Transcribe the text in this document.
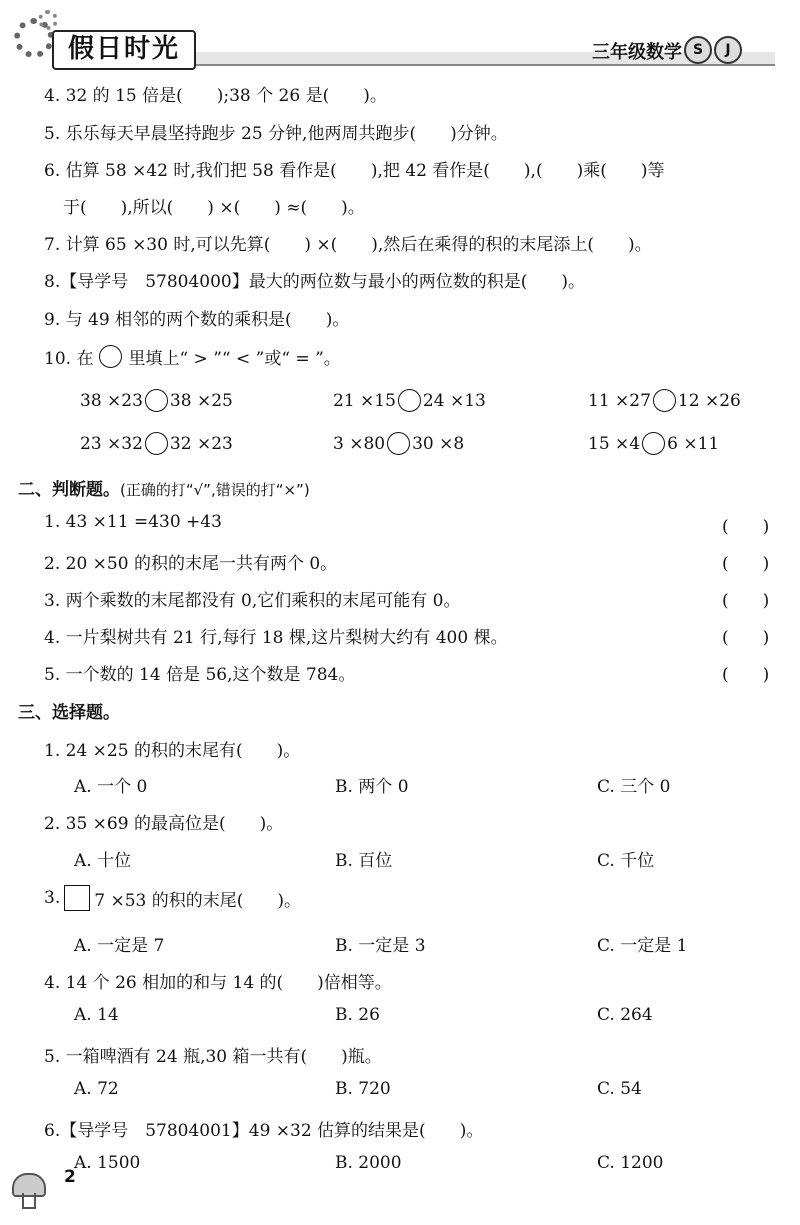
假日时光	三年级数学 S	J
4. 32 的 15 倍是(　　);38 个 26 是(　　)。
5. 乐乐每天早晨坚持跑步 25 分钟,他两周共跑步(　　)分钟。
6. 估算 58 ×42 时,我们把 58 看作是(　　),把 42 看作是(　　),(　　)乘(　　)等
于(　　),所以(　　) ×(　　) ≈(　　)。
7. 计算 65 ×30 时,可以先算(　　) ×(　　),然后在乘得的积的末尾添上(　　)。
8.【导学号　57804000】最大的两位数与最小的两位数的积是(　　)。
9. 与 49 相邻的两个数的乘积是(　　)。
10. 在 里填上“ > ”“ < ”或“ = ”。
38 ×23 38 ×25	21 ×15 24 ×13	11 ×27 12 ×26
23 ×32 32 ×23	3 ×80 30 ×8	15 ×4 6 ×11
二、判断题。(正确的打“√”,错误的打“×”)
1. 43 ×11 =430 +43	(　　)
2. 20 ×50 的积的末尾一共有两个 0。	(　　)
3. 两个乘数的末尾都没有 0,它们乘积的末尾可能有 0。	(　　)
4. 一片梨树共有 21 行,每行 18 棵,这片梨树大约有 400 棵。	(　　)
5. 一个数的 14 倍是 56,这个数是 784。	(　　)
三、选择题。
1. 24 ×25 的积的末尾有(　　)。
A. 一个 0	B. 两个 0	C. 三个 0
2. 35 ×69 的最高位是(　　)。
A. 十位	B. 百位	C. 千位
3. 7 ×53 的积的末尾(　　)。
A. 一定是 7	B. 一定是 3	C. 一定是 1
4. 14 个 26 相加的和与 14 的(　　)倍相等。
A. 14	B. 26	C. 264
5. 一箱啤酒有 24 瓶,30 箱一共有(　　)瓶。
A. 72	B. 720	C. 54
6.【导学号　57804001】49 ×32 估算的结果是(　　)。
A. 1500	B. 2000	C. 1200
2
